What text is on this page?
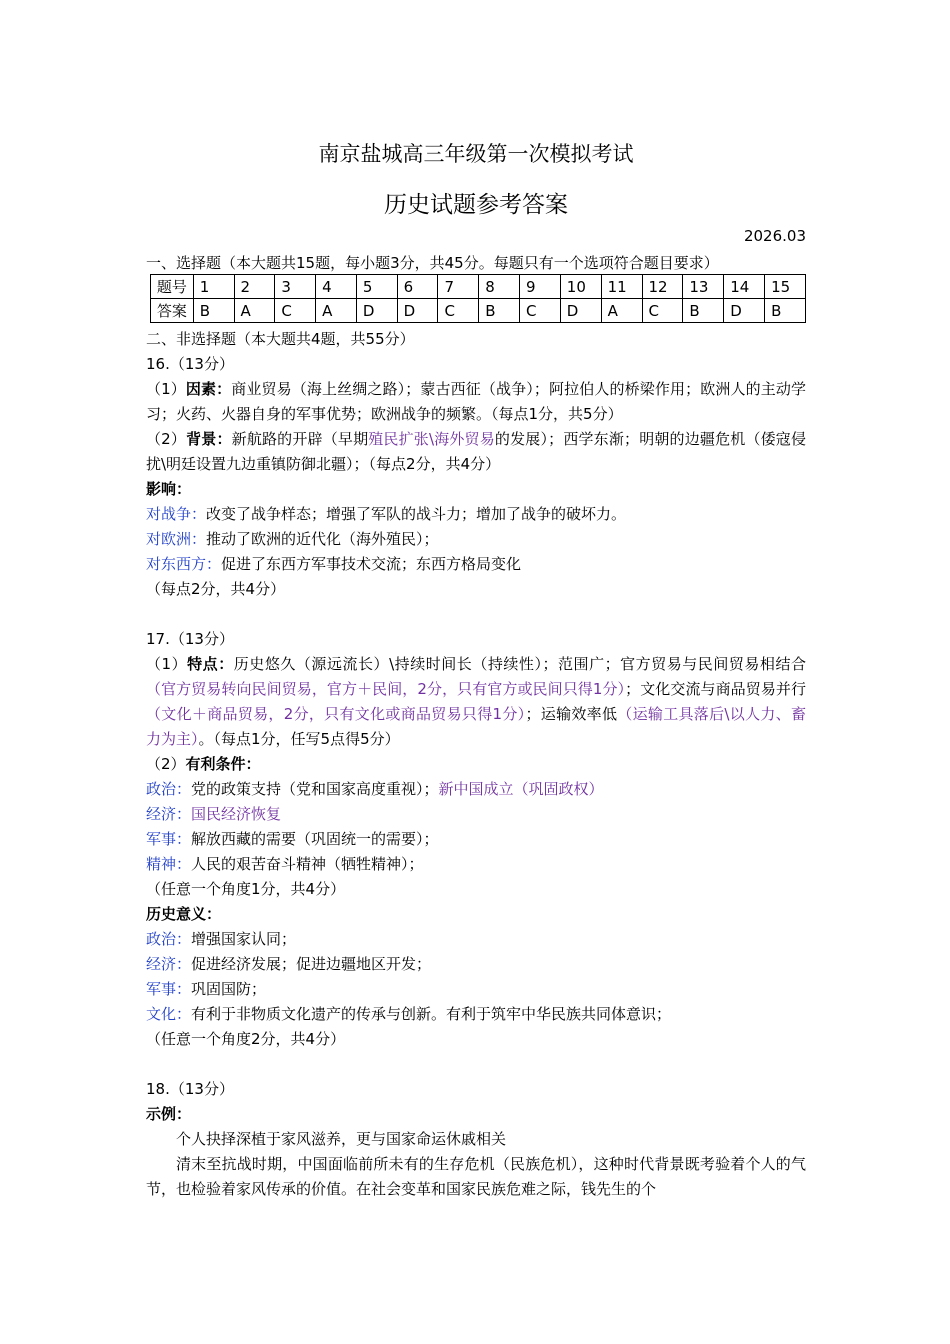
南京盐城高三年级第一次模拟考试
历史试题参考答案
2026.03
一、选择题（本大题共15题，每小题3分，共45分。每题只有一个选项符合题目要求）
题号	1	2	3	4	5	6	7	8	9	10	11	12	13	14	15
答案	B	A	C	A	D	D	C	B	C	D	A	C	B	D	B

二、非选择题（本大题共4题，共55分）

16.（13分）

（1）因素：商业贸易（海上丝绸之路）；蒙古西征（战争）；阿拉伯人的桥梁作用；欧洲人的主动学习；火药、火器自身的军事优势；欧洲战争的频繁。（每点1分，共5分）

（2）背景：新航路的开辟（早期殖民扩张\海外贸易的发展）；西学东渐；明朝的边疆危机（倭寇侵扰\明廷设置九边重镇防御北疆）；（每点2分，共4分）

影响：

对战争：改变了战争样态；增强了军队的战斗力；增加了战争的破坏力。

对欧洲：推动了欧洲的近代化（海外殖民）；

对东西方：促进了东西方军事技术交流；东西方格局变化

（每点2分，共4分）

17.（13分）

（1）特点：历史悠久（源远流长）\持续时间长（持续性）；范围广；官方贸易与民间贸易相结合（官方贸易转向民间贸易，官方＋民间，2分，只有官方或民间只得1分）；文化交流与商品贸易并行（文化＋商品贸易，2分，只有文化或商品贸易只得1分）；运输效率低（运输工具落后\以人力、畜力为主）。（每点1分，任写5点得5分）

（2）有利条件：

政治：党的政策支持（党和国家高度重视）；新中国成立（巩固政权）

经济：国民经济恢复

军事：解放西藏的需要（巩固统一的需要）；

精神：人民的艰苦奋斗精神（牺牲精神）；

（任意一个角度1分，共4分）

历史意义：

政治：增强国家认同；

经济：促进经济发展；促进边疆地区开发；

军事：巩固国防；

文化：有利于非物质文化遗产的传承与创新。有利于筑牢中华民族共同体意识；

（任意一个角度2分，共4分）

18.（13分）

示例：

个人抉择深植于家风滋养，更与国家命运休戚相关

清末至抗战时期，中国面临前所未有的生存危机（民族危机），这种时代背景既考验着个人的气节，也检验着家风传承的价值。在社会变革和国家民族危难之际，钱先生的个
